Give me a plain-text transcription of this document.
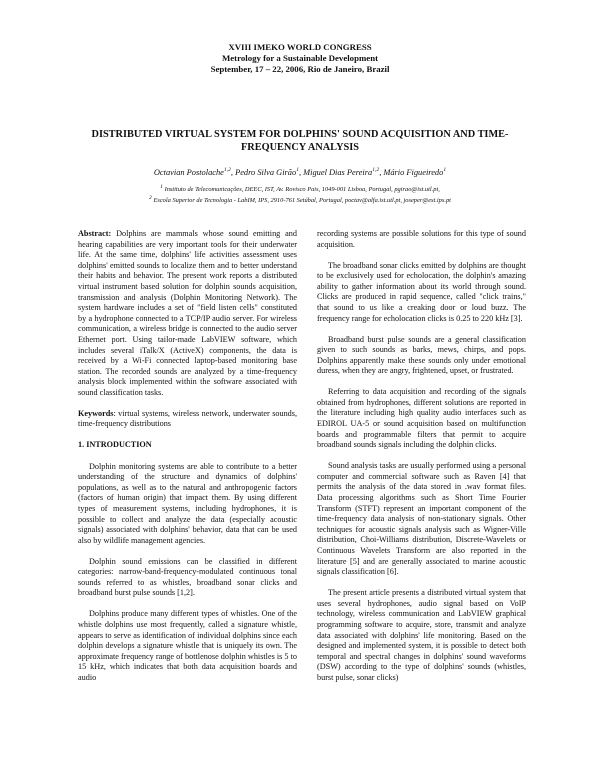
XVIII IMEKO WORLD CONGRESS
Metrology for a Sustainable Development
September, 17 – 22, 2006, Rio de Janeiro, Brazil
DISTRIBUTED VIRTUAL SYSTEM FOR DOLPHINS' SOUND ACQUISITION AND TIME-FREQUENCY ANALYSIS
Octavian Postolache$^{1,2}$, Pedro Silva Girão$^1$, Miguel Dias Pereira$^{1,2}$, Mário Figueiredo$^1$
$^1$ Instituto de Telecomunicações, DEEC, IST, Av. Rovisco Pais, 1049-001 Lisboa, Portugal, pgirao@ist.utl.pt,
$^2$ Escola Superior de Tecnologia - LabIM, IPS, 2910-761 Setúbal, Portugal, poctav@alfa.ist.utl.pt, joseper@est.ips.pt

Abstract: Dolphins are mammals whose sound emitting and hearing capabilities are very important tools for their underwater life. At the same time, dolphins' life activities assessment uses dolphins' emitted sounds to localize them and to better understand their habits and behavior. The present work reports a distributed virtual instrument based solution for dolphin sounds acquisition, transmission and analysis (Dolphin Monitoring Network). The system hardware includes a set of "field listen cells" constituted by a hydrophone connected to a TCP/IP audio server. For wireless communication, a wireless bridge is connected to the audio server Ethernet port. Using tailor-made LabVIEW software, which includes several iTalk/X (ActiveX) components, the data is received by a Wi-Fi connected laptop-based monitoring base station. The recorded sounds are analyzed by a time-frequency analysis block implemented within the software associated with sound classification tasks.

Keywords: virtual systems, wireless network, underwater sounds, time-frequency distributions

1. INTRODUCTION

Dolphin monitoring systems are able to contribute to a better understanding of the structure and dynamics of dolphins' populations, as well as to the natural and anthropogenic factors (factors of human origin) that impact them. By using different types of measurement systems, including hydrophones, it is possible to collect and analyze the data (especially acoustic signals) associated with dolphins' behavior, data that can be used also by wildlife management agencies.

Dolphin sound emissions can be classified in different categories: narrow-band-frequency-modulated continuous tonal sounds referred to as whistles, broadband sonar clicks and broadband burst pulse sounds [1,2].

Dolphins produce many different types of whistles. One of the whistle dolphins use most frequently, called a signature whistle, appears to serve as identification of individual dolphins since each dolphin develops a signature whistle that is uniquely its own. The approximate frequency range of bottlenose dolphin whistles is 5 to 15 kHz, which indicates that both data acquisition boards and audio

recording systems are possible solutions for this type of sound acquisition.

The broadband sonar clicks emitted by dolphins are thought to be exclusively used for echolocation, the dolphin's amazing ability to gather information about its world through sound. Clicks are produced in rapid sequence, called "click trains," that sound to us like a creaking door or loud buzz. The frequency range for echolocation clicks is 0.25 to 220 kHz [3].

Broadband burst pulse sounds are a general classification given to such sounds as barks, mews, chirps, and pops. Dolphins apparently make these sounds only under emotional duress, when they are angry, frightened, upset, or frustrated.

Referring to data acquisition and recording of the signals obtained from hydrophones, different solutions are reported in the literature including high quality audio interfaces such as EDIROL UA-5 or sound acquisition based on multifunction boards and programmable filters that permit to acquire broadband sounds signals including the dolphin clicks.

Sound analysis tasks are usually performed using a personal computer and commercial software such as Raven [4] that permits the analysis of the data stored in .wav format files. Data processing algorithms such as Short Time Fourier Transform (STFT) represent an important component of the time-frequency data analysis of non-stationary signals. Other techniques for acoustic signals analysis such as Wigner-Ville distribution, Choi-Williams distribution, Discrete-Wavelets or Continuous Wavelets Transform are also reported in the literature [5] and are generally associated to marine acoustic signals classification [6].

The present article presents a distributed virtual system that uses several hydrophones, audio signal based on VoIP technology, wireless communication and LabVIEW graphical programming software to acquire, store, transmit and analyze data associated with dolphins' life monitoring. Based on the designed and implemented system, it is possible to detect both temporal and spectral changes in dolphins' sound waveforms (DSW) according to the type of dolphins' sounds (whistles, burst pulse, sonar clicks)
